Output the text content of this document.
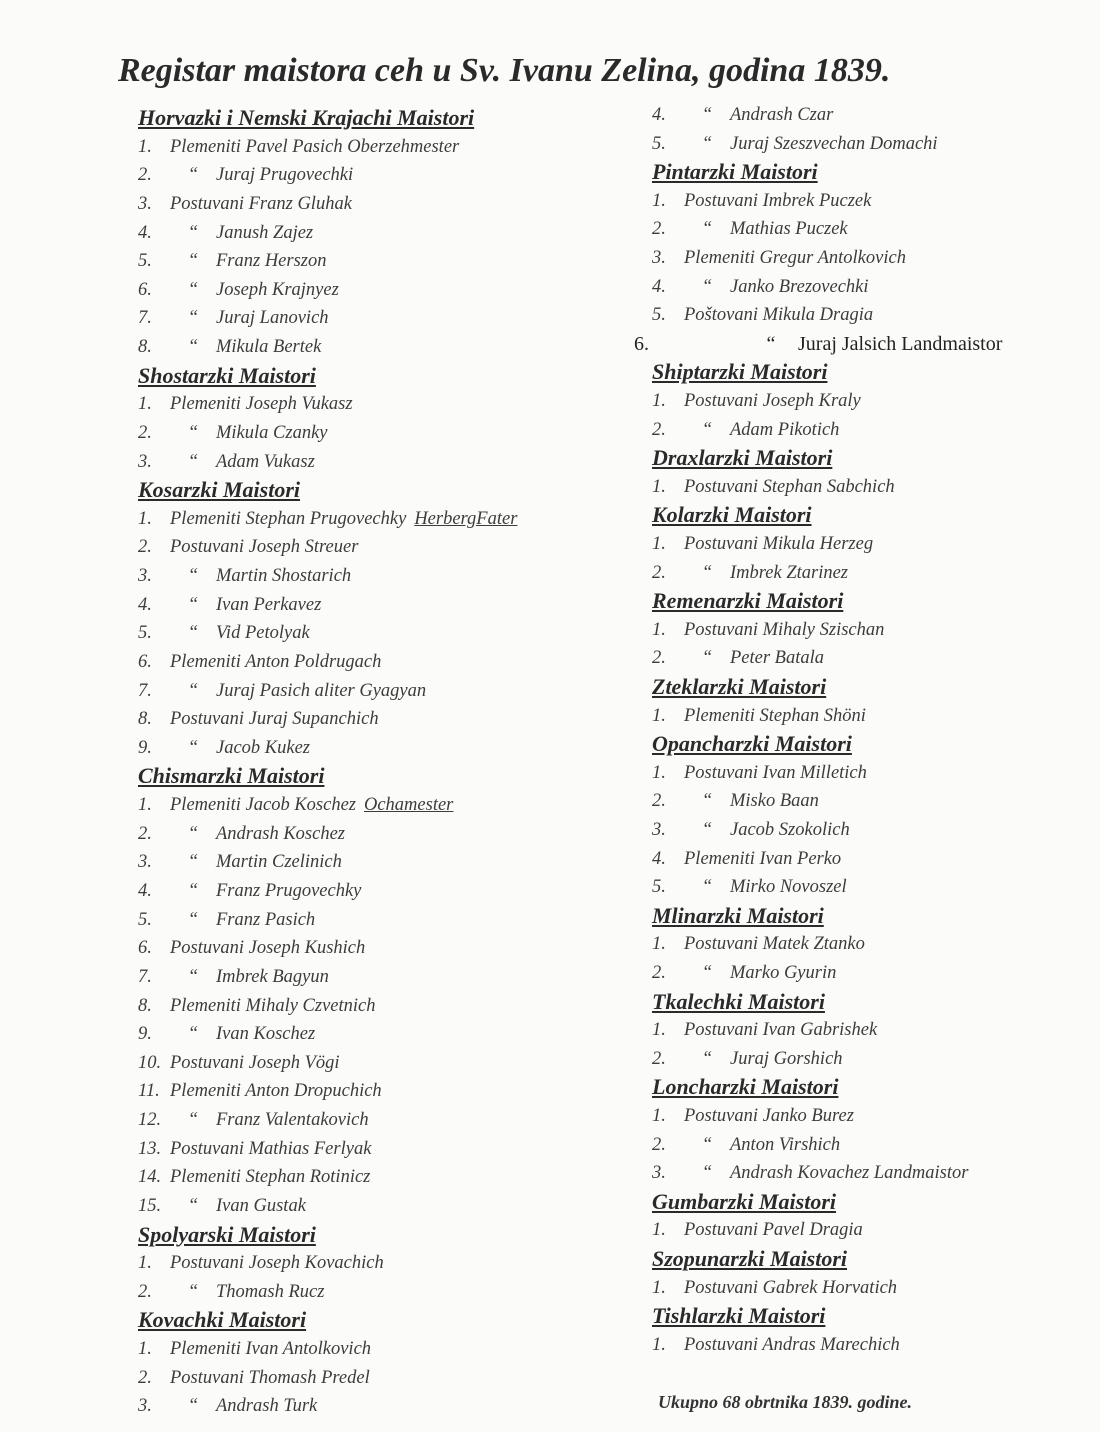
Registar maistora ceh u Sv. Ivanu Zelina, godina 1839.
Horvazki i Nemski Krajachi Maistori
1. Plemeniti Pavel Pasich Oberzehmester
2. “ Juraj Prugovechki
3. Postuvani Franz Gluhak
4. “ Janush Zajez
5. “ Franz Herszon
6. “ Joseph Krajnyez
7. “ Juraj Lanovich
8. “ Mikula Bertek
Shostarzki Maistori
1. Plemeniti Joseph Vukasz
2. “ Mikula Czanky
3. “ Adam Vukasz
Kosarzki Maistori
1. Plemeniti Stephan Prugovechky HerbergFater
2. Postuvani Joseph Streuer
3. “ Martin Shostarich
4. “ Ivan Perkavez
5. “ Vid Petolyak
6. Plemeniti Anton Poldrugach
7. “ Juraj Pasich aliter Gyagyan
8. Postuvani Juraj Supanchich
9. “ Jacob Kukez
Chismarzki Maistori
1. Plemeniti Jacob Koschez Ochamester
2. “ Andrash Koschez
3. “ Martin Czelinich
4. “ Franz Prugovechky
5. “ Franz Pasich
6. Postuvani Joseph Kushich
7. “ Imbrek Bagyun
8. Plemeniti Mihaly Czvetnich
9. “ Ivan Koschez
10. Postuvani Joseph Vögi
11. Plemeniti Anton Dropuchich
12. “ Franz Valentakovich
13. Postuvani Mathias Ferlyak
14. Plemeniti Stephan Rotinicz
15. “ Ivan Gustak
Spolyarski Maistori
1. Postuvani Joseph Kovachich
2. “ Thomash Rucz
Kovachki Maistori
1. Plemeniti Ivan Antolkovich
2. Postuvani Thomash Predel
3. “ Andrash Turk
4. “ Andrash Czar
5. “ Juraj Szeszvechan Domachi
Pintarzki Maistori
1. Postuvani Imbrek Puczek
2. “ Mathias Puczek
3. Plemeniti Gregur Antolkovich
4. “ Janko Brezovechki
5. Poštovani Mikula Dragia
6.	“ Juraj Jalsich Landmaistor
Shiptarzki Maistori
1. Postuvani Joseph Kraly
2. “ Adam Pikotich
Draxlarzki Maistori
1. Postuvani Stephan Sabchich
Kolarzki Maistori
1. Postuvani Mikula Herzeg
2. “ Imbrek Ztarinez
Remenarzki Maistori
1. Postuvani Mihaly Szischan
2. “ Peter Batala
Zteklarzki Maistori
1. Plemeniti Stephan Shöni
Opancharzki Maistori
1. Postuvani Ivan Milletich
2. “ Misko Baan
3. “ Jacob Szokolich
4. Plemeniti Ivan Perko
5. “ Mirko Novoszel
Mlinarzki Maistori
1. Postuvani Matek Ztanko
2. “ Marko Gyurin
Tkalechki Maistori
1. Postuvani Ivan Gabrishek
2. “ Juraj Gorshich
Loncharzki Maistori
1. Postuvani Janko Burez
2. “ Anton Virshich
3. “ Andrash Kovachez Landmaistor
Gumbarzki Maistori
1. Postuvani Pavel Dragia
Szopunarzki Maistori
1. Postuvani Gabrek Horvatich
Tishlarzki Maistori
1. Postuvani Andras Marechich
Ukupno 68 obrtnika 1839. godine.
